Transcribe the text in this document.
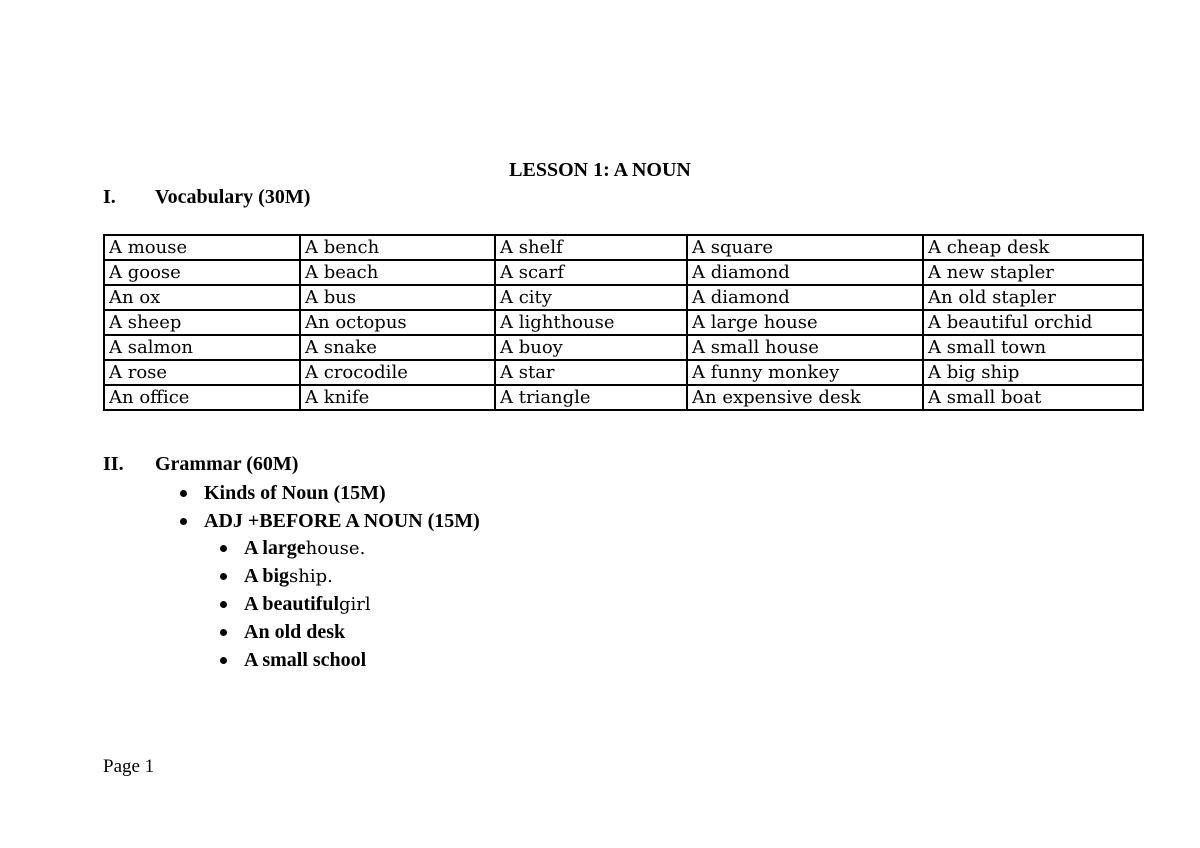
LESSON 1: A NOUN
I.	Vocabulary (30M)
A mouse	A bench	A shelf	A square	A cheap desk
A goose	A beach	A scarf	A diamond	A new stapler
An ox	A bus	A city	A diamond	An old stapler
A sheep	An octopus	A lighthouse	A large house	A beautiful orchid
A salmon	A snake	A buoy	A small house	A small town
A rose	A crocodile	A star	A funny monkey	A big ship
An office	A knife	A triangle	An expensive desk	A small boat
II.	Grammar (60M)
Kinds of Noun (15M)
ADJ +BEFORE A NOUN (15M)
A large house.
A big ship.
A beautiful girl
An old desk
A small school
Page 1
